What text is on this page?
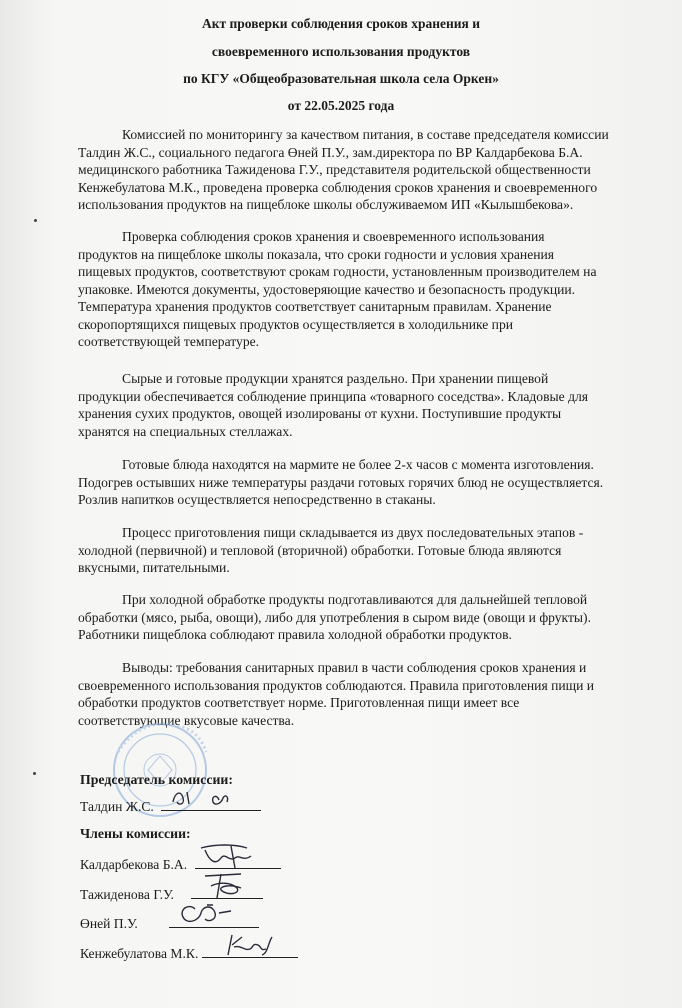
Акт проверки соблюдения сроков хранения и
своевременного использования продуктов
по КГУ «Общеобразовательная школа села Оркен»
от 22.05.2025 года
Комиссией по мониторингу за качеством питания, в составе председателя комиссии
Талдин Ж.С., социального педагога Өней П.У., зам.директора по ВР Калдарбекова Б.А.
медицинского работника Тажиденова Г.У., представителя родительской общественности
Кенжебулатова М.К., проведена проверка соблюдения сроков хранения и своевременного
использования продуктов на пищеблоке школы обслуживаемом ИП «Кылышбекова».
Проверка соблюдения сроков хранения и своевременного использования
продуктов на пищеблоке школы показала, что сроки годности и условия хранения
пищевых продуктов, соответствуют срокам годности, установленным производителем на
упаковке. Имеются документы, удостоверяющие качество и безопасность продукции.
Температура хранения продуктов соответствует санитарным правилам. Хранение
скоропортящихся пищевых продуктов осуществляется в холодильнике при
соответствующей температуре.
Сырые и готовые продукции хранятся раздельно. При хранении пищевой
продукции обеспечивается соблюдение принципа «товарного соседства». Кладовые для
хранения сухих продуктов, овощей изолированы от кухни. Поступившие продукты
хранятся на специальных стеллажах.
Готовые блюда находятся на мармите не более 2-х часов с момента изготовления.
Подогрев остывших ниже температуры раздачи готовых горячих блюд не осуществляется.
Розлив напитков осуществляется непосредственно в стаканы.
Процесс приготовления пищи складывается из двух последовательных этапов -
холодной (первичной) и тепловой (вторичной) обработки. Готовые блюда являются
вкусными, питательными.
При холодной обработке продукты подготавливаются для дальнейшей тепловой
обработки (мясо, рыба, овощи), либо для употребления в сыром виде (овощи и фрукты).
Работники пищеблока соблюдают правила холодной обработки продуктов.
Выводы: требования санитарных правил в части соблюдения сроков хранения и
своевременного использования продуктов соблюдаются. Правила приготовления пищи и
обработки продуктов соответствует норме. Приготовленная пищи имеет все
соответствующие вкусовые качества.
Председатель комиссии:
Талдин Ж.С.
Члены комиссии:
Калдарбекова Б.А.
Тажиденова Г.У.
Өней П.У.
Кенжебулатова М.К.
